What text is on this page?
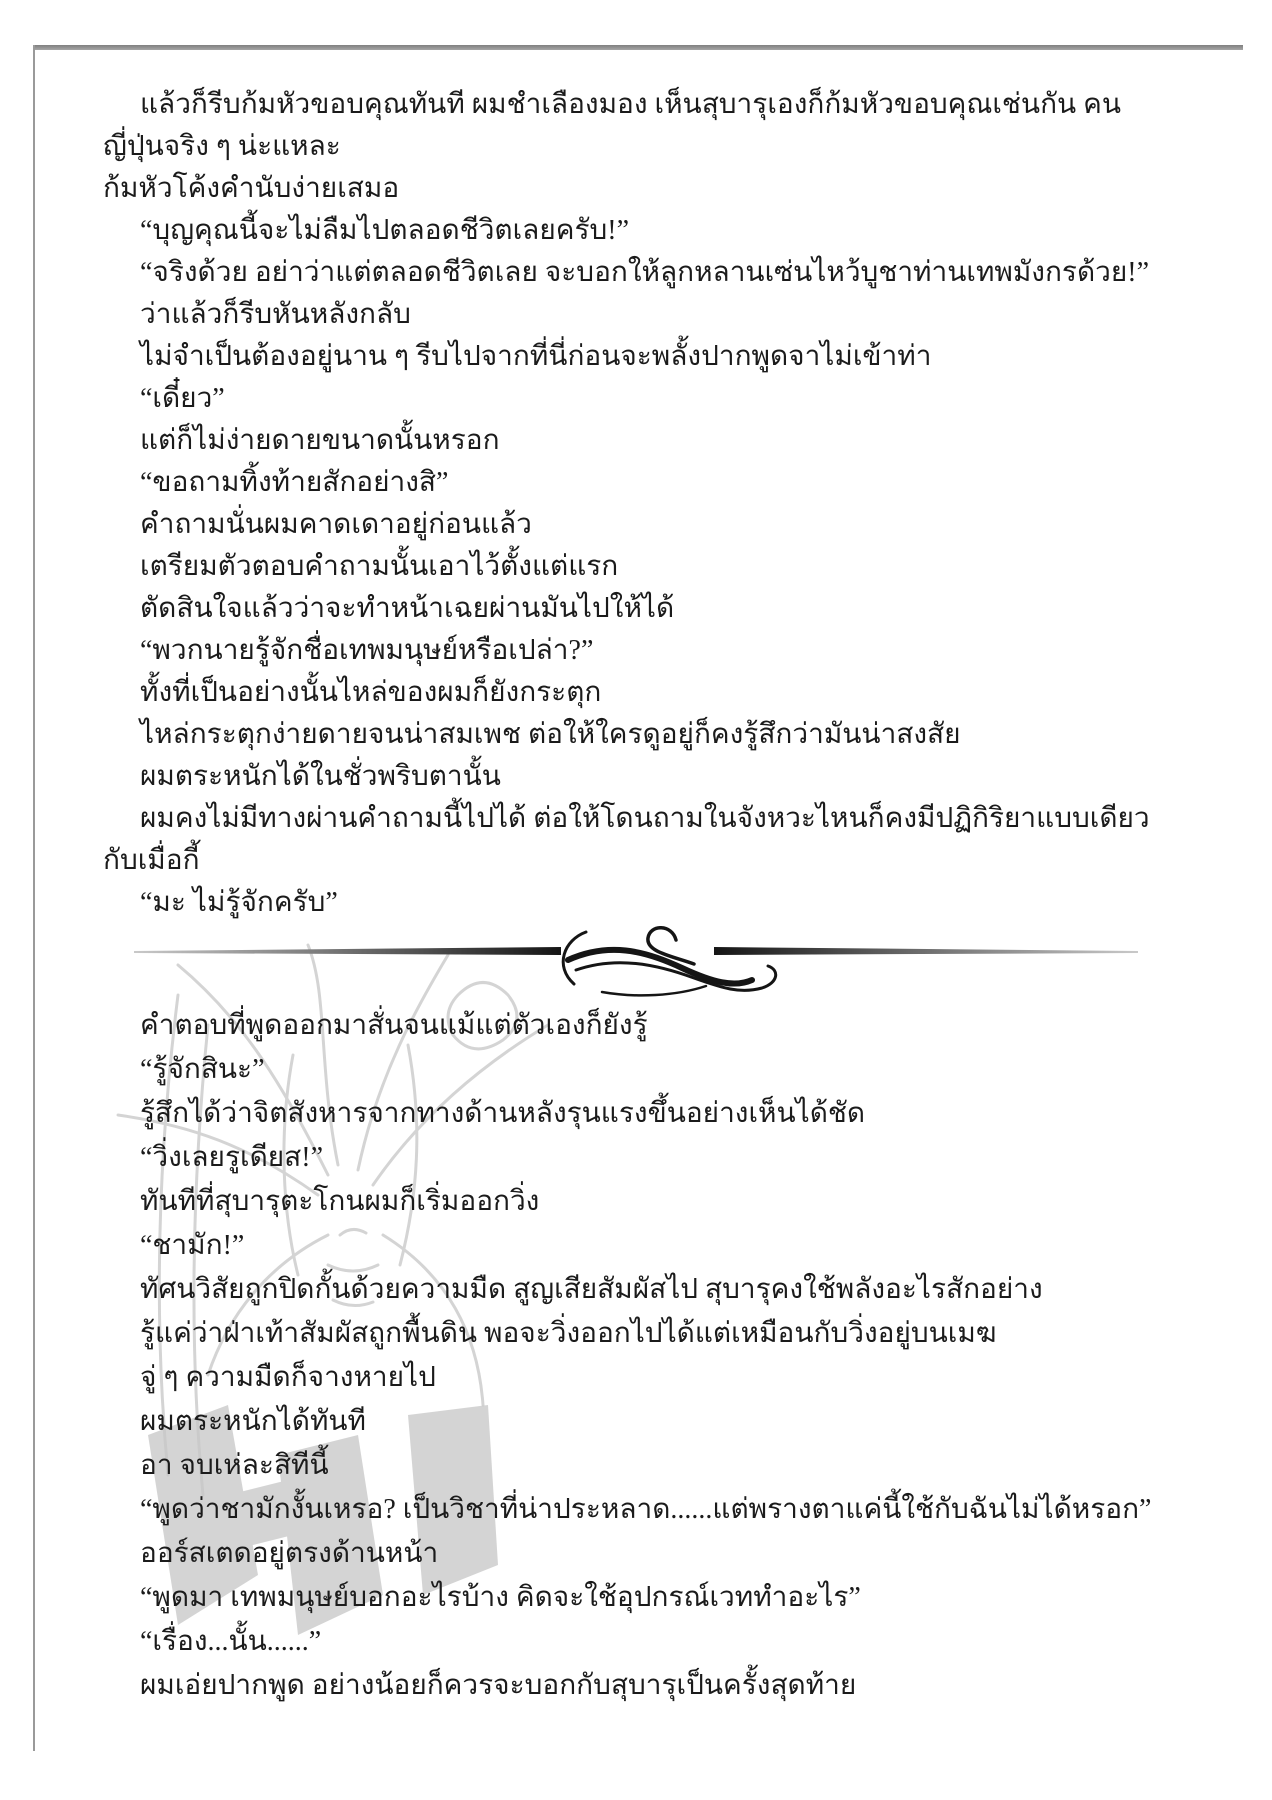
แล้วก็รีบก้มหัวขอบคุณทันที ผมชำเลืองมอง เห็นสุบารุเองก็ก้มหัวขอบคุณเช่นกัน คนญี่ปุ่นจริง ๆ น่ะแหละ

ก้มหัวโค้งคำนับง่ายเสมอ

“บุญคุณนี้จะไม่ลืมไปตลอดชีวิตเลยครับ!”

“จริงด้วย อย่าว่าแต่ตลอดชีวิตเลย จะบอกให้ลูกหลานเซ่นไหว้บูชาท่านเทพมังกรด้วย!”

ว่าแล้วก็รีบหันหลังกลับ

ไม่จำเป็นต้องอยู่นาน ๆ รีบไปจากที่นี่ก่อนจะพลั้งปากพูดจาไม่เข้าท่า

“เดี๋ยว”

แต่ก็ไม่ง่ายดายขนาดนั้นหรอก

“ขอถามทิ้งท้ายสักอย่างสิ”

คำถามนั่นผมคาดเดาอยู่ก่อนแล้ว

เตรียมตัวตอบคำถามนั้นเอาไว้ตั้งแต่แรก

ตัดสินใจแล้วว่าจะทำหน้าเฉยผ่านมันไปให้ได้

“พวกนายรู้จักชื่อเทพมนุษย์หรือเปล่า?”

ทั้งที่เป็นอย่างนั้นไหล่ของผมก็ยังกระตุก

ไหล่กระตุกง่ายดายจนน่าสมเพช ต่อให้ใครดูอยู่ก็คงรู้สึกว่ามันน่าสงสัย

ผมตระหนักได้ในชั่วพริบตานั้น

ผมคงไม่มีทางผ่านคำถามนี้ไปได้ ต่อให้โดนถามในจังหวะไหนก็คงมีปฏิกิริยาแบบเดียวกับเมื่อกี้

“มะ ไม่รู้จักครับ”

คำตอบที่พูดออกมาสั่นจนแม้แต่ตัวเองก็ยังรู้

“รู้จักสินะ”

รู้สึกได้ว่าจิตสังหารจากทางด้านหลังรุนแรงขึ้นอย่างเห็นได้ชัด

“วิ่งเลยรูเดียส!”

ทันทีที่สุบารุตะโกนผมก็เริ่มออกวิ่ง

“ชามัก!”

ทัศนวิสัยถูกปิดกั้นด้วยความมืด สูญเสียสัมผัสไป สุบารุคงใช้พลังอะไรสักอย่าง

รู้แค่ว่าฝ่าเท้าสัมผัสถูกพื้นดิน พอจะวิ่งออกไปได้แต่เหมือนกับวิ่งอยู่บนเมฆ

จู่ ๆ ความมืดก็จางหายไป

ผมตระหนักได้ทันที

อา จบเห่ละสิทีนี้

“พูดว่าชามักงั้นเหรอ? เป็นวิชาที่น่าประหลาด......แต่พรางตาแค่นี้ใช้กับฉันไม่ได้หรอก”

ออร์สเตดอยู่ตรงด้านหน้า

“พูดมา เทพมนุษย์บอกอะไรบ้าง คิดจะใช้อุปกรณ์เวททำอะไร”

“เรื่อง...นั้น......”

ผมเอ่ยปากพูด อย่างน้อยก็ควรจะบอกกับสุบารุเป็นครั้งสุดท้าย
